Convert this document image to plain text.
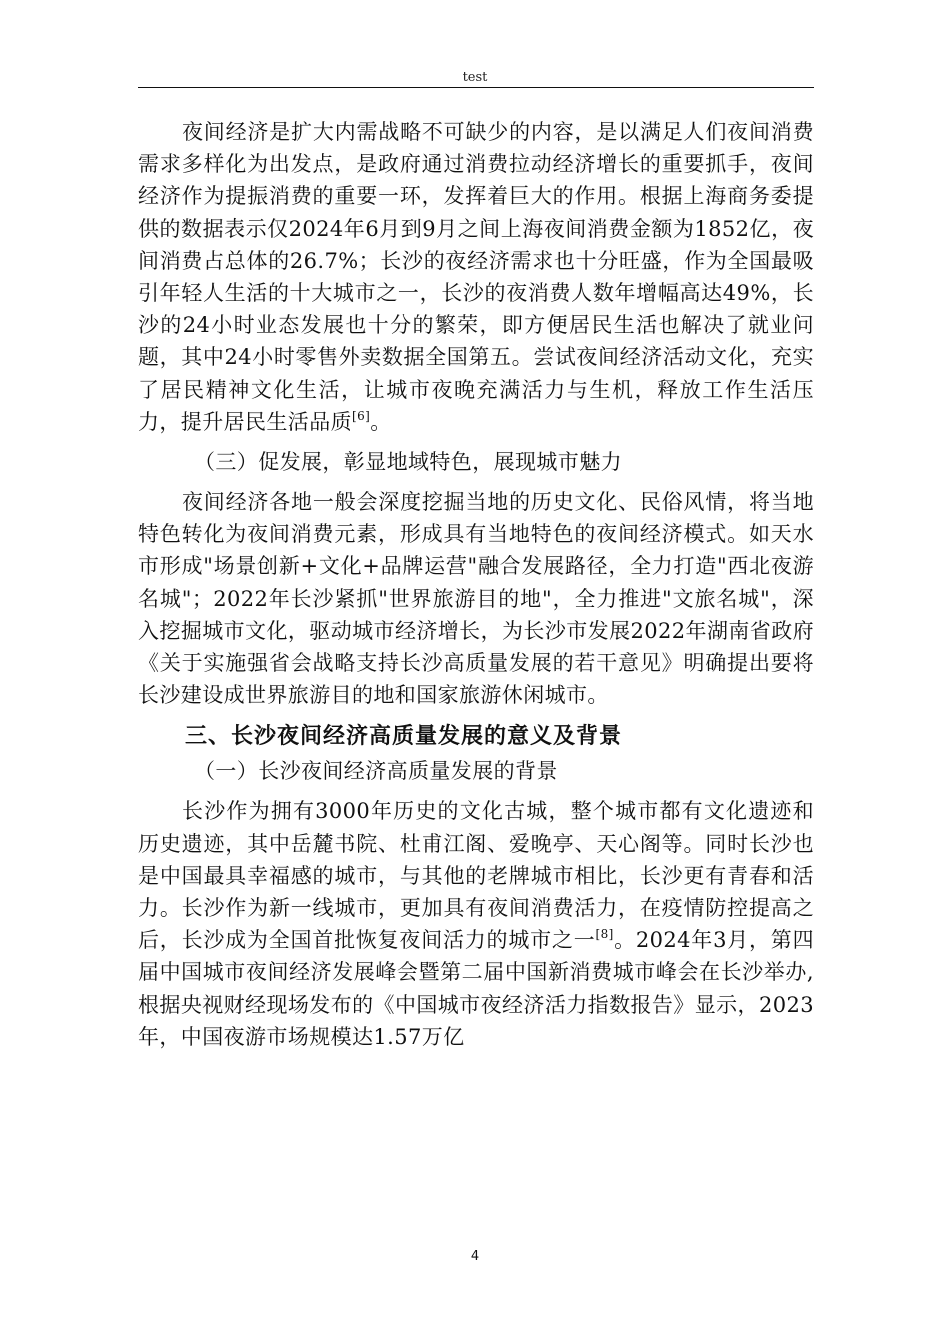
test

夜间经济是扩大内需战略不可缺少的内容，是以满足人们夜间消费需求多样化为出发点，是政府通过消费拉动经济增长的重要抓手，夜间经济作为提振消费的重要一环，发挥着巨大的作用。根据上海商务委提供的数据表示仅2024年6月到9月之间上海夜间消费金额为1852亿，夜间消费占总体的26.7%；长沙的夜经济需求也十分旺盛，作为全国最吸引年轻人生活的十大城市之一，长沙的夜消费人数年增幅高达49%，长沙的24小时业态发展也十分的繁荣，即方便居民生活也解决了就业问题，其中24小时零售外卖数据全国第五。尝试夜间经济活动文化，充实了居民精神文化生活，让城市夜晚充满活力与生机，释放工作生活压力，提升居民生活品质[6]。

（三）促发展，彰显地域特色，展现城市魅力

夜间经济各地一般会深度挖掘当地的历史文化、民俗风情，将当地特色转化为夜间消费元素，形成具有当地特色的夜间经济模式。如天水市形成"场景创新+文化+品牌运营"融合发展路径，全力打造"西北夜游名城"；2022年长沙紧抓"世界旅游目的地"，全力推进"文旅名城"，深入挖掘城市文化，驱动城市经济增长，为长沙市发展2022年湖南省政府《关于实施强省会战略支持长沙高质量发展的若干意见》明确提出要将长沙建设成世界旅游目的地和国家旅游休闲城市。

三、长沙夜间经济高质量发展的意义及背景

（一）长沙夜间经济高质量发展的背景

长沙作为拥有3000年历史的文化古城，整个城市都有文化遗迹和历史遗迹，其中岳麓书院、杜甫江阁、爱晚亭、天心阁等。同时长沙也是中国最具幸福感的城市，与其他的老牌城市相比，长沙更有青春和活力。长沙作为新一线城市，更加具有夜间消费活力，在疫情防控提高之后，长沙成为全国首批恢复夜间活力的城市之一[8]。2024年3月，第四届中国城市夜间经济发展峰会暨第二届中国新消费城市峰会在长沙举办,根据央视财经现场发布的《中国城市夜经济活力指数报告》显示，2023年，中国夜游市场规模达1.57万亿

4
